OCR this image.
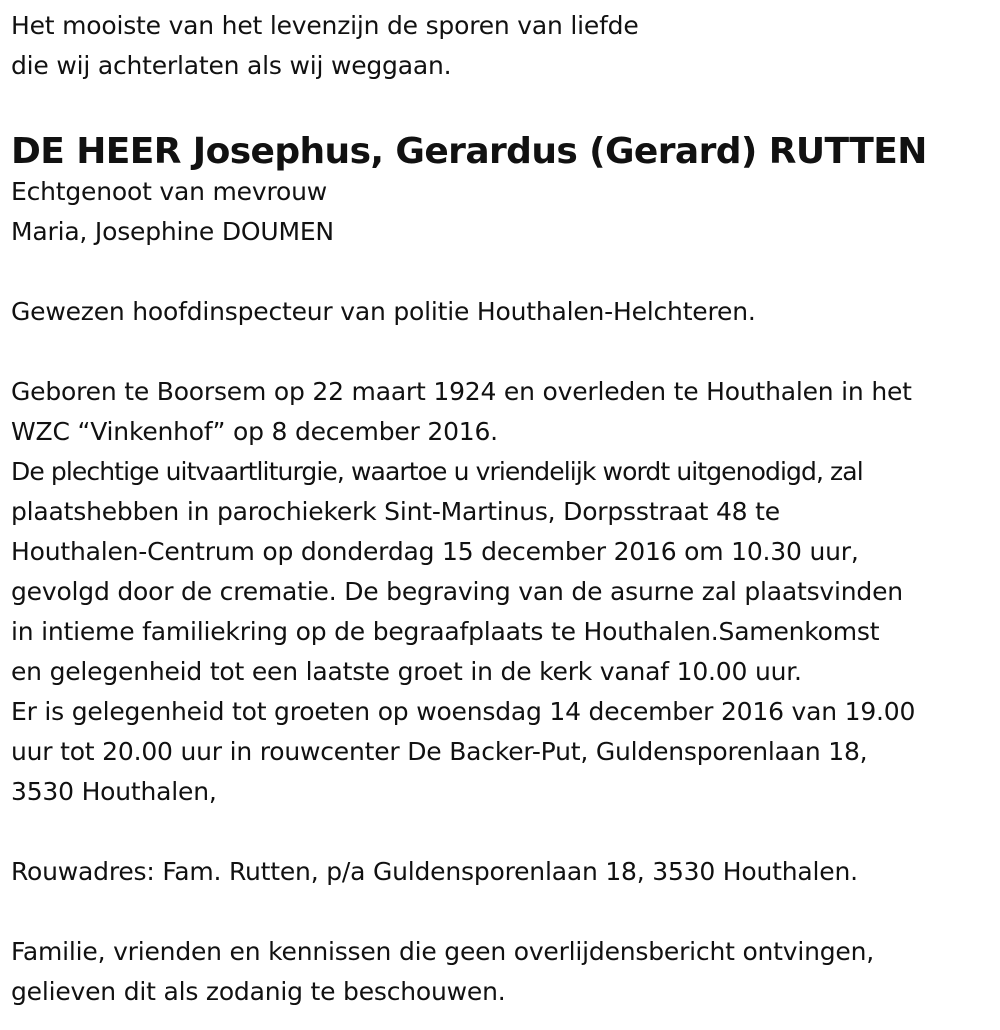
Het mooiste van het levenzijn de sporen van liefde
die wij achterlaten als wij weggaan.
DE HEER Josephus, Gerardus (Gerard) RUTTEN
Echtgenoot van mevrouw
Maria, Josephine DOUMEN
Gewezen hoofdinspecteur van politie Houthalen-Helchteren.
Geboren te Boorsem op 22 maart 1924 en overleden te Houthalen in het
WZC “Vinkenhof” op 8 december 2016.
De plechtige uitvaartliturgie, waartoe u vriendelijk wordt uitgenodigd, zal
plaatshebben in parochiekerk Sint-Martinus, Dorpsstraat 48 te
Houthalen-Centrum op donderdag 15 december 2016 om 10.30 uur,
gevolgd door de crematie. De begraving van de asurne zal plaatsvinden
in intieme familiekring op de begraafplaats te Houthalen.Samenkomst
en gelegenheid tot een laatste groet in de kerk vanaf 10.00 uur.
Er is gelegenheid tot groeten op woensdag 14 december 2016 van 19.00
uur tot 20.00 uur in rouwcenter De Backer-Put, Guldensporenlaan 18,
3530 Houthalen,
Rouwadres: Fam. Rutten, p/a Guldensporenlaan 18, 3530 Houthalen.
Familie, vrienden en kennissen die geen overlijdensbericht ontvingen,
gelieven dit als zodanig te beschouwen.
